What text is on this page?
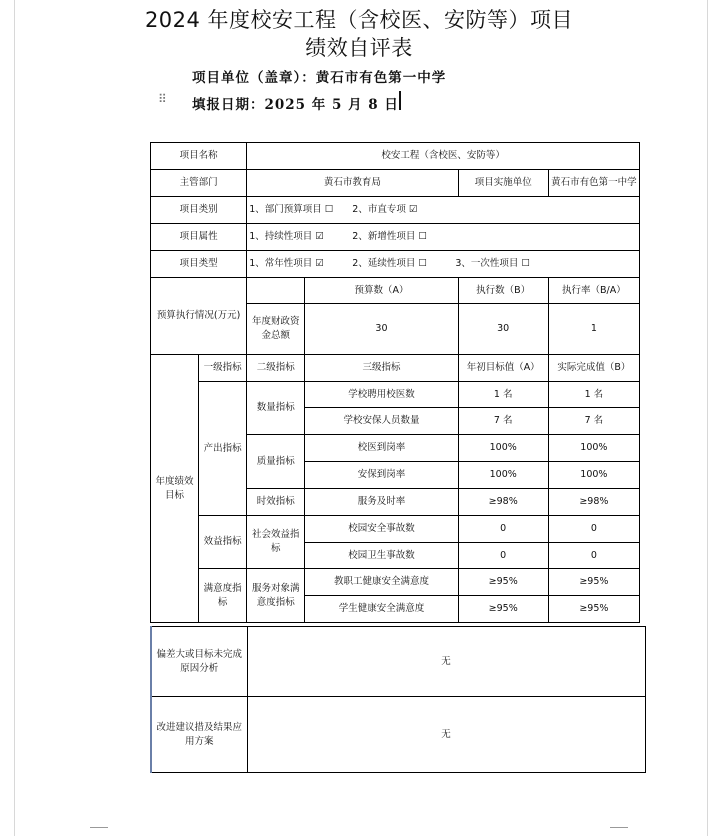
2024 年度校安工程（含校医、安防等）项目
绩效自评表
项目单位（盖章）：黄石市有色第一中学
⠿ 填报日期：2025 年 5 月 8 日
项目名称		校安工程（含校医、安防等）			
主管部门		黄石市教育局		项目实施单位	黄石市有色第一中学
项目类别		1、部门预算项目 ☐　　2、市直专项 ☑			
项目属性		1、持续性项目 ☑　　　2、新增性项目 ☐			
项目类型		1、常年性项目 ☑　　　2、延续性项目 ☐　　　3、一次性项目 ☐			
预算执行情况(万元)			预算数（A）	执行数（B）	执行率（B/A）
		年度财政资金总额	30	30	1
年度绩效目标	一级指标	二级指标	三级指标	年初目标值（A）	实际完成值（B）
	产出指标	数量指标	学校聘用校医数	1 名	1 名
			学校安保人员数量	7 名	7 名
		质量指标	校医到岗率	100%	100%
			安保到岗率	100%	100%
		时效指标	服务及时率	≥98%	≥98%
	效益指标	社会效益指标	校园安全事故数	0	0
			校园卫生事故数	0	0
	满意度指标	服务对象满意度指标	教职工健康安全满意度	≥95%	≥95%
			学生健康安全满意度	≥95%	≥95%
偏差大或目标未完成原因分析	无
改进建议措及结果应用方案	无
